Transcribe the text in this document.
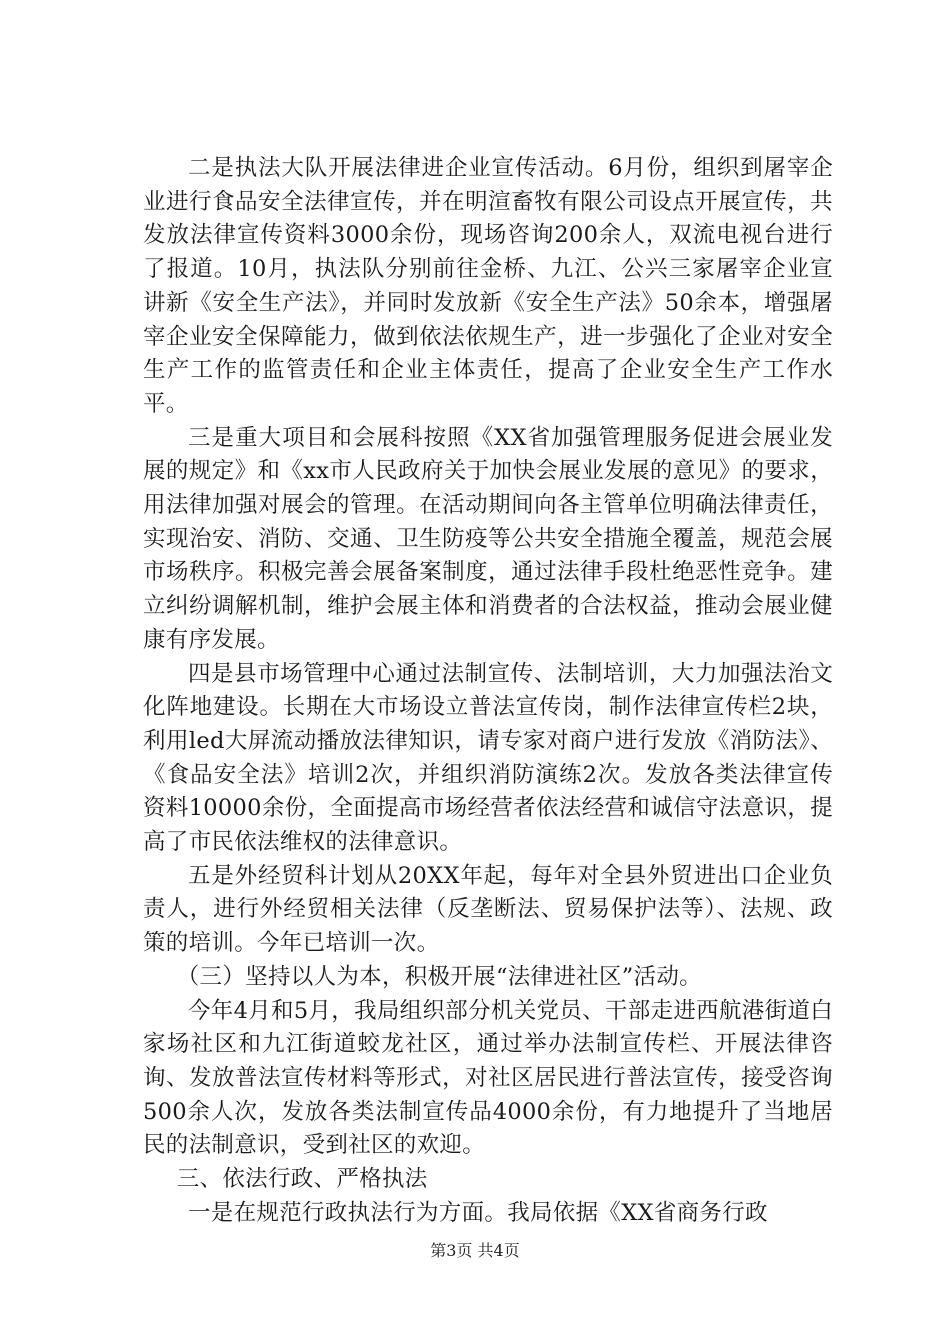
二是执法大队开展法律进企业宣传活动。6月份，组织到屠宰企业进行食品安全法律宣传，并在明渲畜牧有限公司设点开展宣传，共发放法律宣传资料3000余份，现场咨询200余人，双流电视台进行了报道。10月，执法队分别前往金桥、九江、公兴三家屠宰企业宣讲新《安全生产法》，并同时发放新《安全生产法》50余本，增强屠宰企业安全保障能力，做到依法依规生产，进一步强化了企业对安全生产工作的监管责任和企业主体责任，提高了企业安全生产工作水平。

三是重大项目和会展科按照《XX省加强管理服务促进会展业发展的规定》和《xx市人民政府关于加快会展业发展的意见》的要求，用法律加强对展会的管理。在活动期间向各主管单位明确法律责任，实现治安、消防、交通、卫生防疫等公共安全措施全覆盖，规范会展市场秩序。积极完善会展备案制度，通过法律手段杜绝恶性竞争。建立纠纷调解机制，维护会展主体和消费者的合法权益，推动会展业健康有序发展。

四是县市场管理中心通过法制宣传、法制培训，大力加强法治文化阵地建设。长期在大市场设立普法宣传岗，制作法律宣传栏2块，利用led大屏流动播放法律知识，请专家对商户进行发放《消防法》、《食品安全法》培训2次，并组织消防演练2次。发放各类法律宣传资料10000余份，全面提高市场经营者依法经营和诚信守法意识，提高了市民依法维权的法律意识。

五是外经贸科计划从20XX年起，每年对全县外贸进出口企业负责人，进行外经贸相关法律（反垄断法、贸易保护法等）、法规、政策的培训。今年已培训一次。

（三）坚持以人为本，积极开展“法律进社区”活动。

今年4月和5月，我局组织部分机关党员、干部走进西航港街道白家场社区和九江街道蛟龙社区，通过举办法制宣传栏、开展法律咨询、发放普法宣传材料等形式，对社区居民进行普法宣传，接受咨询500余人次，发放各类法制宣传品4000余份，有力地提升了当地居民的法制意识，受到社区的欢迎。

三、依法行政、严格执法

一是在规范行政执法行为方面。我局依据《XX省商务行政

第3页 共4页
